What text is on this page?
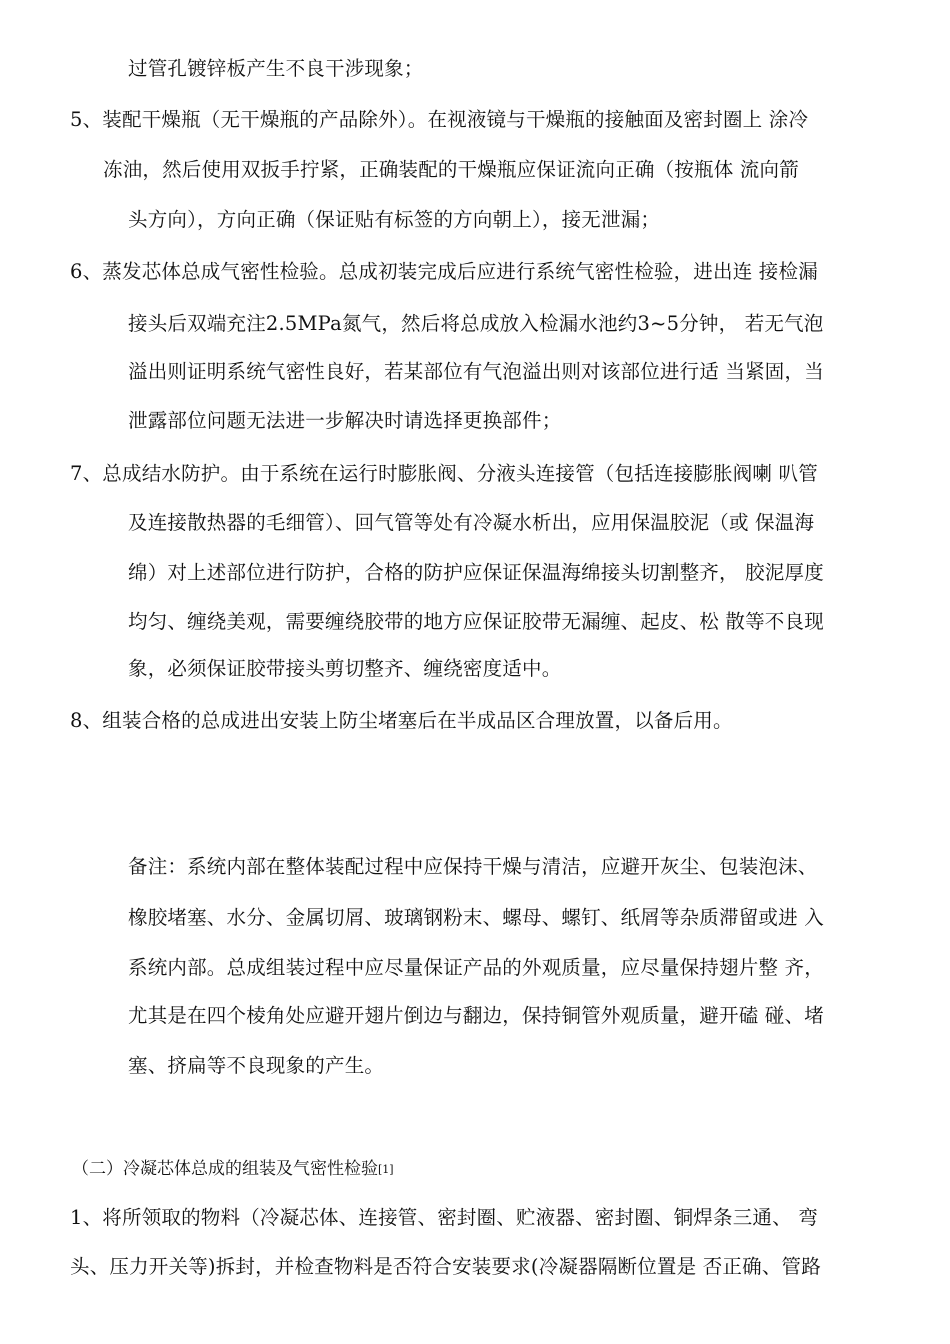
过管孔镀锌板产生不良干涉现象；
5、装配干燥瓶（无干燥瓶的产品除外）。在视液镜与干燥瓶的接触面及密封圈上 涂冷
冻油，然后使用双扳手拧紧，正确装配的干燥瓶应保证流向正确（按瓶体 流向箭
头方向），方向正确（保证贴有标签的方向朝上），接无泄漏；
6、蒸发芯体总成气密性检验。总成初装完成后应进行系统气密性检验，进出连 接检漏
接头后双端充注2.5MPa氮气，然后将总成放入检漏水池约3~5分钟， 若无气泡
溢出则证明系统气密性良好，若某部位有气泡溢出则对该部位进行适 当紧固，当
泄露部位问题无法进一步解决时请选择更换部件；
7、总成结水防护。由于系统在运行时膨胀阀、分液头连接管（包括连接膨胀阀喇 叭管
及连接散热器的毛细管）、回气管等处有冷凝水析出，应用保温胶泥（或 保温海
绵）对上述部位进行防护，合格的防护应保证保温海绵接头切割整齐， 胶泥厚度
均匀、缠绕美观，需要缠绕胶带的地方应保证胶带无漏缠、起皮、松 散等不良现
象，必须保证胶带接头剪切整齐、缠绕密度适中。
8、组装合格的总成进出安装上防尘堵塞后在半成品区合理放置，以备后用。
备注：系统内部在整体装配过程中应保持干燥与清洁，应避开灰尘、包装泡沫、
橡胶堵塞、水分、金属切屑、玻璃钢粉末、螺母、螺钉、纸屑等杂质滞留或进 入
系统内部。总成组装过程中应尽量保证产品的外观质量，应尽量保持翅片整 齐，
尤其是在四个棱角处应避开翅片倒边与翻边，保持铜管外观质量，避开磕 碰、堵
塞、挤扁等不良现象的产生。
（二）冷凝芯体总成的组装及气密性检验[1]
1、将所领取的物料（冷凝芯体、连接管、密封圈、贮液器、密封圈、铜焊条三通、 弯
头、压力开关等)拆封，并检查物料是否符合安装要求(冷凝器隔断位置是 否正确、管路
